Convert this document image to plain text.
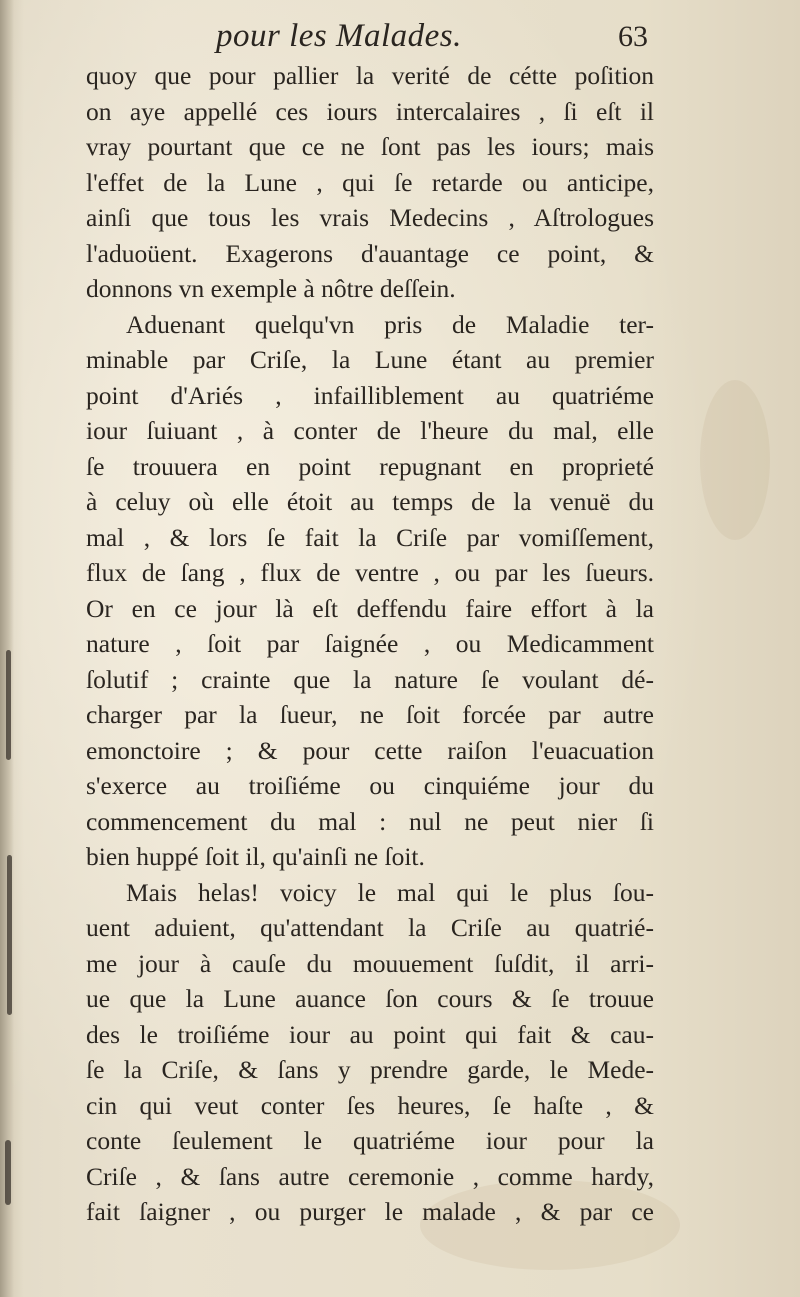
pour les Malades.	63
quoy que pour pallier la verité de cétte poſition
on aye appellé ces iours intercalaires , ſi eſt il
vray pourtant que ce ne ſont pas les iours; mais
l'effet de la Lune , qui ſe retarde ou anticipe,
ainſi que tous les vrais Medecins , Aſtrologues
l'aduoüent. Exagerons d'auantage ce point, &
donnons vn exemple à nôtre deſſein.
Aduenant quelqu'vn pris de Maladie ter-
minable par Criſe, la Lune étant au premier
point d'Ariés , infailliblement au quatriéme
iour ſuiuant , à conter de l'heure du mal, elle
ſe trouuera en point repugnant en proprieté
à celuy où elle étoit au temps de la venuë du
mal , & lors ſe fait la Criſe par vomiſſement,
flux de ſang , flux de ventre , ou par les ſueurs.
Or en ce jour là eſt deffendu faire effort à la
nature , ſoit par ſaignée , ou Medicamment
ſolutif ; crainte que la nature ſe voulant dé-
charger par la ſueur, ne ſoit forcée par autre
emonctoire ; & pour cette raiſon l'euacuation
s'exerce au troiſiéme ou cinquiéme jour du
commencement du mal : nul ne peut nier ſi
bien huppé ſoit il, qu'ainſi ne ſoit.
Mais helas! voicy le mal qui le plus ſou-
uent aduient, qu'attendant la Criſe au quatrié-
me jour à cauſe du mouuement ſuſdit, il arri-
ue que la Lune auance ſon cours & ſe trouue
des le troiſiéme iour au point qui fait & cau-
ſe la Criſe, & ſans y prendre garde, le Mede-
cin qui veut conter ſes heures, ſe haſte , &
conte ſeulement le quatriéme iour pour la
Criſe , & ſans autre ceremonie , comme hardy,
fait ſaigner , ou purger le malade , & par ce
